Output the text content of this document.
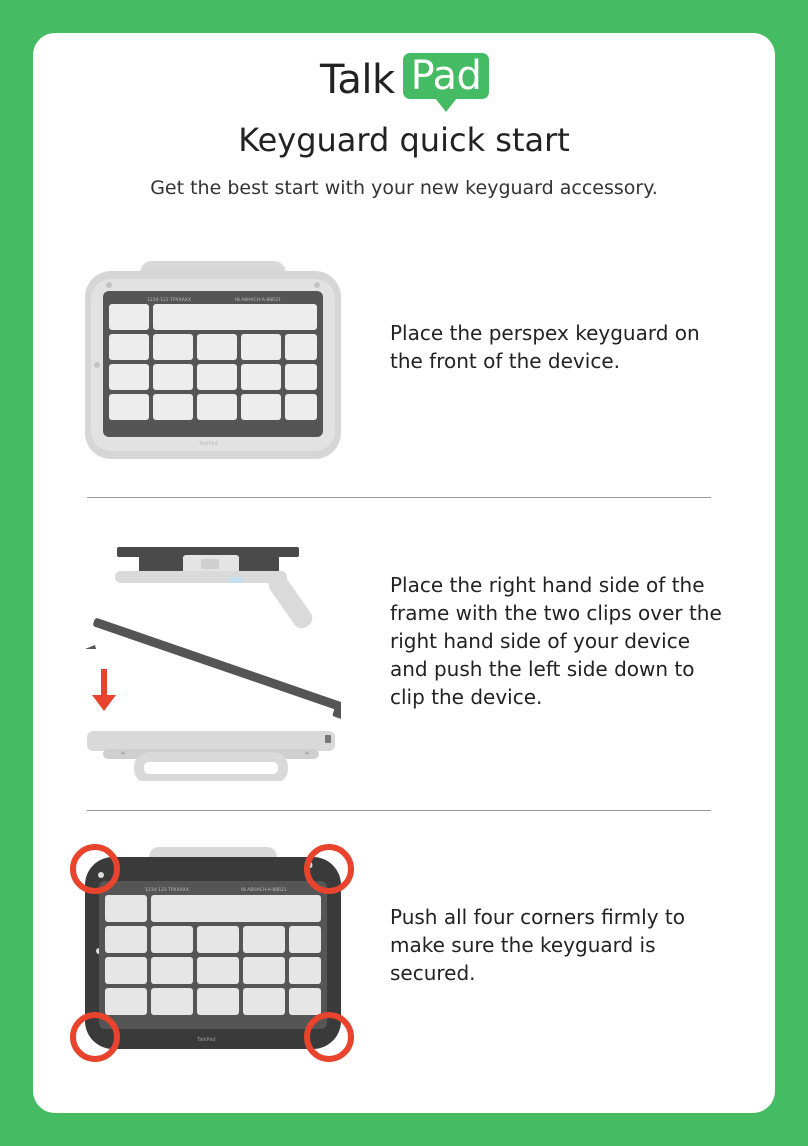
Talk Pad
Keyguard quick start
Get the best start with your new keyguard accessory.
1234-123 TPXXAXX	IN ABHACH-A-88R21
TalkPad
Place the perspex keyguard on the front of the device.
Place the right hand side of the frame with the two clips over the right hand side of your device and push the left side down to clip the device.
1234-123 TPXXAXX	IN ABHACH-A-88R21
TalkPad
Push all four corners firmly to make sure the keyguard is secured.
